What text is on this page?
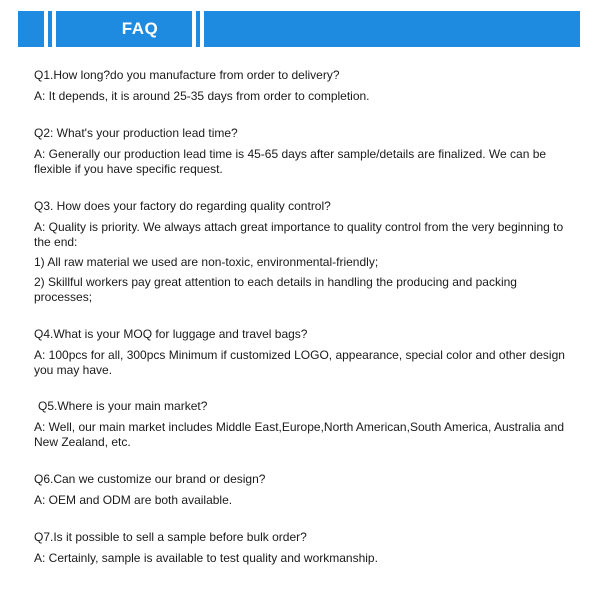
FAQ

Q1.How long?do you manufacture from order to delivery?

A: It depends, it is around 25-35 days from order to completion.

Q2: What's your production lead time?

A: Generally our production lead time is 45-65 days after sample/details are finalized. We can be flexible if you have specific request.

Q3. How does your factory do regarding quality control?

A: Quality is priority. We always attach great importance to quality control from the very beginning to the end:

1) All raw material we used are non-toxic, environmental-friendly;

2) Skillful workers pay great attention to each details in handling the producing and packing processes;

Q4.What is your MOQ for luggage and travel bags?

A: 100pcs for all, 300pcs Minimum if customized LOGO, appearance, special color and other design you may have.

Q5.Where is your main market?

A: Well, our main market includes Middle East,Europe,North American,South America, Australia and New Zealand, etc.

Q6.Can we customize our brand or design?

A: OEM and ODM are both available.

Q7.Is it possible to sell a sample before bulk order?

A: Certainly, sample is available to test quality and workmanship.
